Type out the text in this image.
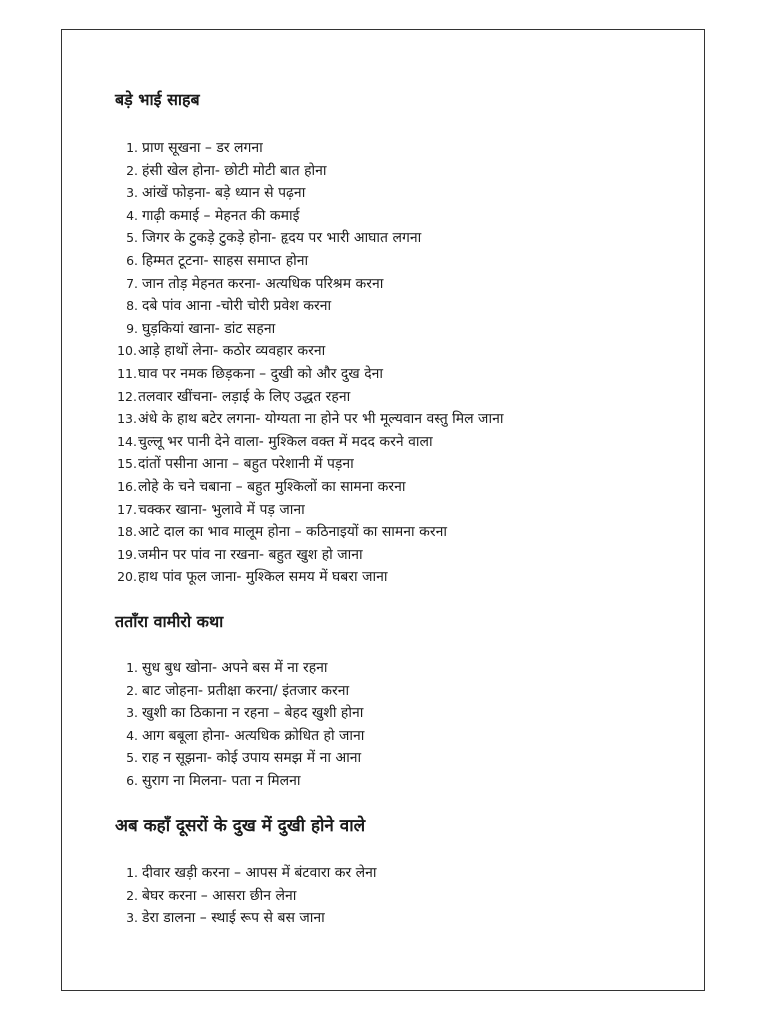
बड़े भाई साहब
1. प्राण सूखना – डर लगना
2. हंसी खेल होना- छोटी मोटी बात होना
3. आंखें फोड़ना- बड़े ध्यान से पढ़ना
4. गाढ़ी कमाई – मेहनत की कमाई
5. जिगर के टुकड़े टुकड़े होना- हृदय पर भारी आघात लगना
6. हिम्मत टूटना- साहस समाप्त होना
7. जान तोड़ मेहनत करना- अत्यधिक परिश्रम करना
8. दबे पांव आना -चोरी चोरी प्रवेश करना
9. घुड़कियां खाना- डांट सहना
10. आड़े हाथों लेना- कठोर व्यवहार करना
11. घाव पर नमक छिड़कना – दुखी को और दुख देना
12. तलवार खींचना- लड़ाई के लिए उद्धत रहना
13. अंधे के हाथ बटेर लगना- योग्यता ना होने पर भी मूल्यवान वस्तु मिल जाना
14. चुल्लू भर पानी देने वाला- मुश्किल वक्त में मदद करने वाला
15. दांतों पसीना आना – बहुत परेशानी में पड़ना
16. लोहे के चने चबाना – बहुत मुश्किलों का सामना करना
17. चक्कर खाना- भुलावे में पड़ जाना
18. आटे दाल का भाव मालूम होना – कठिनाइयों का सामना करना
19. जमीन पर पांव ना रखना- बहुत खुश हो जाना
20. हाथ पांव फूल जाना- मुश्किल समय में घबरा जाना
तताँरा वामीरो कथा
1. सुध बुध खोना- अपने बस में ना रहना
2. बाट जोहना- प्रतीक्षा करना/ इंतजार करना
3. खुशी का ठिकाना न रहना – बेहद खुशी होना
4. आग बबूला होना- अत्यधिक क्रोधित हो जाना
5. राह न सूझना- कोई उपाय समझ में ना आना
6. सुराग ना मिलना- पता न मिलना
अब कहाँ दूसरों के दुख में दुखी होने वाले
1. दीवार खड़ी करना – आपस में बंटवारा कर लेना
2. बेघर करना – आसरा छीन लेना
3. डेरा डालना – स्थाई रूप से बस जाना
